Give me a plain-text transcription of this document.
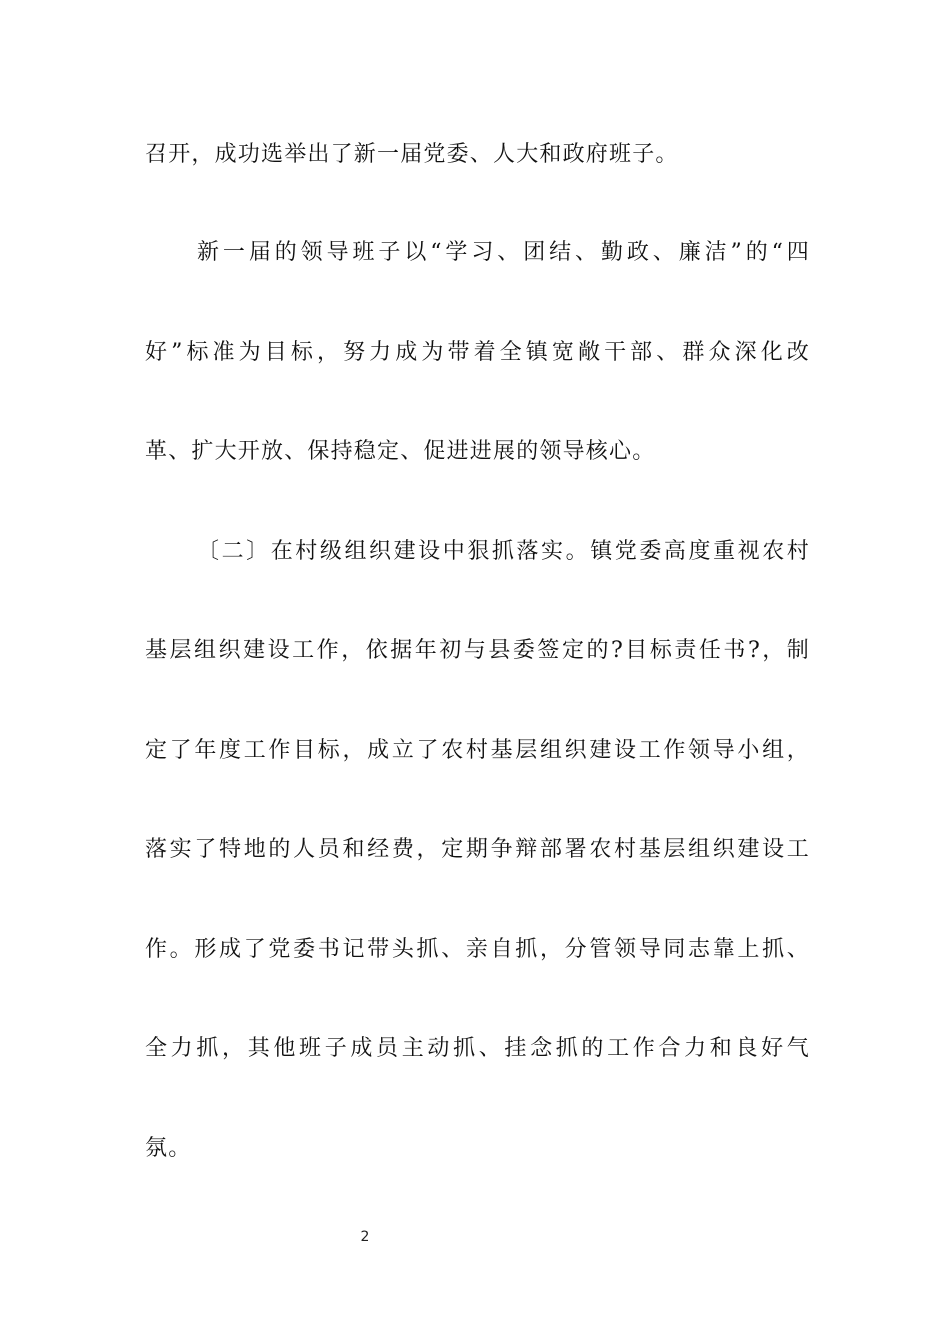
召开，成功选举出了新一届党委、人大和政府班子。
新一届的领导班子以“学习、团结、勤政、廉洁”的“四
好”标准为目标，努力成为带着全镇宽敞干部、群众深化改
革、扩大开放、保持稳定、促进进展的领导核心。
〔二〕在村级组织建设中狠抓落实。镇党委高度重视农村
基层组织建设工作，依据年初与县委签定的?目标责任书?，制
定了年度工作目标，成立了农村基层组织建设工作领导小组，
落实了特地的人员和经费，定期争辩部署农村基层组织建设工
作。形成了党委书记带头抓、亲自抓，分管领导同志靠上抓、
全力抓，其他班子成员主动抓、挂念抓的工作合力和良好气
氛。
2
